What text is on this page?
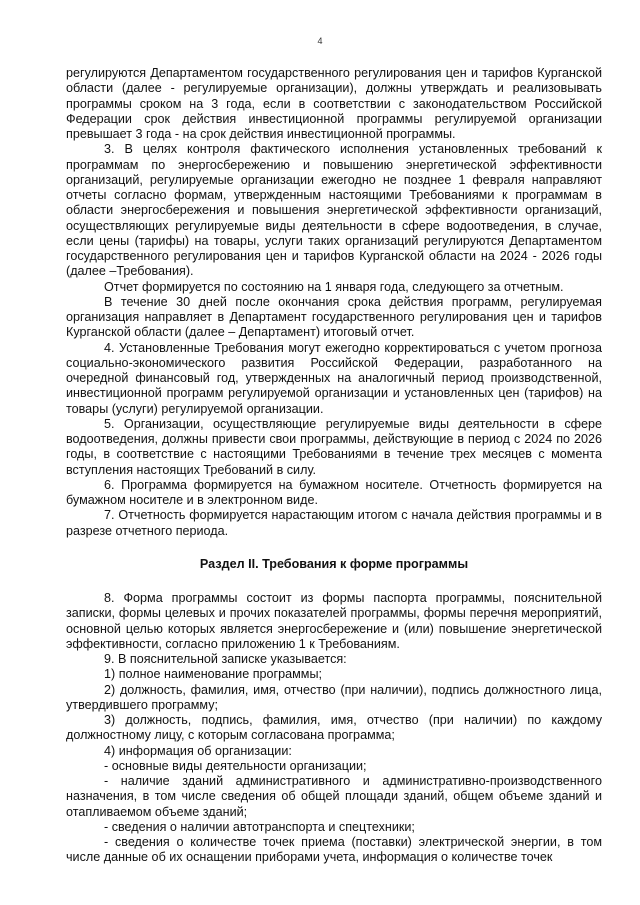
4

регулируются Департаментом государственного регулирования цен и тарифов Курганской области (далее - регулируемые организации), должны утверждать и реализовывать программы сроком на 3 года, если в соответствии с законодательством Российской Федерации срок действия инвестиционной программы регулируемой организации превышает 3 года - на срок действия инвестиционной программы.

3. В целях контроля фактического исполнения установленных требований к программам по энергосбережению и повышению энергетической эффективности организаций, регулируемые организации ежегодно не позднее 1 февраля направляют отчеты согласно формам, утвержденным настоящими Требованиями к программам в области энергосбережения и повышения энергетической эффективности организаций, осуществляющих регулируемые виды деятельности в сфере водоотведения, в случае, если цены (тарифы) на товары, услуги таких организаций регулируются Департаментом государственного регулирования цен и тарифов Курганской области на 2024 - 2026 годы (далее –Требования).

Отчет формируется по состоянию на 1 января года, следующего за отчетным.

В течение 30 дней после окончания срока действия программ, регулируемая организация направляет в Департамент государственного регулирования цен и тарифов Курганской области (далее – Департамент) итоговый отчет.

4. Установленные Требования могут ежегодно корректироваться с учетом прогноза социально-экономического развития Российской Федерации, разработанного на очередной финансовый год, утвержденных на аналогичный период производственной, инвестиционной программ регулируемой организации и установленных цен (тарифов) на товары (услуги) регулируемой организации.

5. Организации, осуществляющие регулируемые виды деятельности в сфере водоотведения, должны привести свои программы, действующие в период с 2024 по 2026 годы, в соответствие с настоящими Требованиями в течение трех месяцев с момента вступления настоящих Требований в силу.

6. Программа формируется на бумажном носителе. Отчетность формируется на бумажном носителе и в электронном виде.

7. Отчетность формируется нарастающим итогом с начала действия программы и в разрезе отчетного периода.

Раздел II. Требования к форме программы

8. Форма программы состоит из формы паспорта программы, пояснительной записки, формы целевых и прочих показателей программы, формы перечня мероприятий, основной целью которых является энергосбережение и (или) повышение энергетической эффективности, согласно приложению 1 к Требованиям.

9. В пояснительной записке указывается:

1) полное наименование программы;

2) должность, фамилия, имя, отчество (при наличии), подпись должностного лица, утвердившего программу;

3) должность, подпись, фамилия, имя, отчество (при наличии) по каждому должностному лицу, с которым согласована программа;

4) информация об организации:

- основные виды деятельности организации;

- наличие зданий административного и административно-производственного назначения, в том числе сведения об общей площади зданий, общем объеме зданий и отапливаемом объеме зданий;

- сведения о наличии автотранспорта и спецтехники;

- сведения о количестве точек приема (поставки) электрической энергии, в том числе данные об их оснащении приборами учета, информация о количестве точек
